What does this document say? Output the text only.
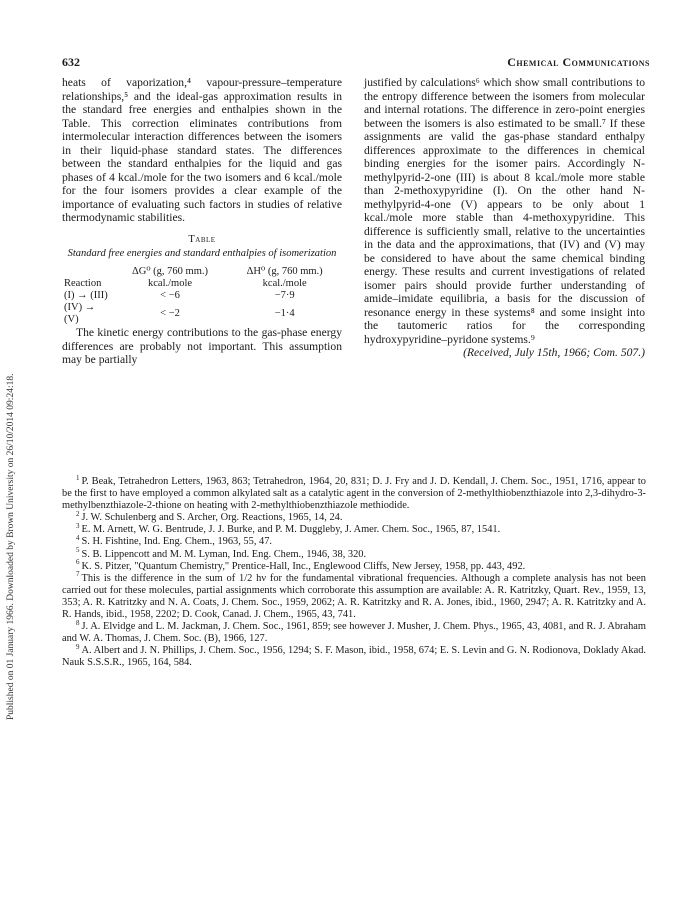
Published on 01 January 1966. Downloaded by Brown University on 26/10/2014 09:24:18.
632	Chemical Communications

heats of vaporization,⁴ vapour-pressure–temperature relationships,⁵ and the ideal-gas approximation results in the standard free energies and enthalpies shown in the Table. This correction eliminates contributions from intermolecular interaction differences between the isomers in their liquid-phase standard states. The differences between the standard enthalpies for the liquid and gas phases of 4 kcal./mole for the two isomers and 6 kcal./mole for the four isomers provides a clear example of the importance of evaluating such factors in studies of relative thermodynamic stabilities.

Table
Standard free energies and standard enthalpies of isomerization
Reaction	ΔG⁰ (g, 760 mm.) kcal./mole	ΔH⁰ (g, 760 mm.) kcal./mole
(I) → (III)	< −6	−7·9
(IV) → (V)	< −2	−1·4

The kinetic energy contributions to the gas-phase energy differences are probably not important. This assumption may be partially

justified by calculations⁶ which show small contributions to the entropy difference between the isomers from molecular and internal rotations. The difference in zero-point energies between the isomers is also estimated to be small.⁷ If these assignments are valid the gas-phase standard enthalpy differences approximate to the differences in chemical binding energies for the isomer pairs. Accordingly N-methylpyrid-2-one (III) is about 8 kcal./mole more stable than 2-methoxypyridine (I). On the other hand N-methylpyrid-4-one (V) appears to be only about 1 kcal./mole more stable than 4-methoxypyridine. This difference is sufficiently small, relative to the uncertainties in the data and the approximations, that (IV) and (V) may be considered to have about the same chemical binding energy. These results and current investigations of related isomer pairs should provide further understanding of amide–imidate equilibria, a basis for the discussion of resonance energy in these systems⁸ and some insight into the tautomeric ratios for the corresponding hydroxypyridine–pyridone systems.⁹

(Received, July 15th, 1966; Com. 507.)

$^1$ P. Beak, Tetrahedron Letters, 1963, 863; Tetrahedron, 1964, 20, 831; D. J. Fry and J. D. Kendall, J. Chem. Soc., 1951, 1716, appear to be the first to have employed a common alkylated salt as a catalytic agent in the conversion of 2-methylthiobenzthiazole into 2,3-dihydro-3-methylbenzthiazole-2-thione on heating with 2-methylthiobenzthiazole methiodide.

$^2$ J. W. Schulenberg and S. Archer, Org. Reactions, 1965, 14, 24.

$^3$ E. M. Arnett, W. G. Bentrude, J. J. Burke, and P. M. Duggleby, J. Amer. Chem. Soc., 1965, 87, 1541.

$^4$ S. H. Fishtine, Ind. Eng. Chem., 1963, 55, 47.

$^5$ S. B. Lippencott and M. M. Lyman, Ind. Eng. Chem., 1946, 38, 320.

$^6$ K. S. Pitzer, "Quantum Chemistry," Prentice-Hall, Inc., Englewood Cliffs, New Jersey, 1958, pp. 443, 492.

$^7$ This is the difference in the sum of 1/2 hν for the fundamental vibrational frequencies. Although a complete analysis has not been carried out for these molecules, partial assignments which corroborate this assumption are available: A. R. Katritzky, Quart. Rev., 1959, 13, 353; A. R. Katritzky and N. A. Coats, J. Chem. Soc., 1959, 2062; A. R. Katritzky and R. A. Jones, ibid., 1960, 2947; A. R. Katritzky and A. R. Hands, ibid., 1958, 2202; D. Cook, Canad. J. Chem., 1965, 43, 741.

$^8$ J. A. Elvidge and L. M. Jackman, J. Chem. Soc., 1961, 859; see however J. Musher, J. Chem. Phys., 1965, 43, 4081, and R. J. Abraham and W. A. Thomas, J. Chem. Soc. (B), 1966, 127.

$^9$ A. Albert and J. N. Phillips, J. Chem. Soc., 1956, 1294; S. F. Mason, ibid., 1958, 674; E. S. Levin and G. N. Rodionova, Doklady Akad. Nauk S.S.S.R., 1965, 164, 584.
